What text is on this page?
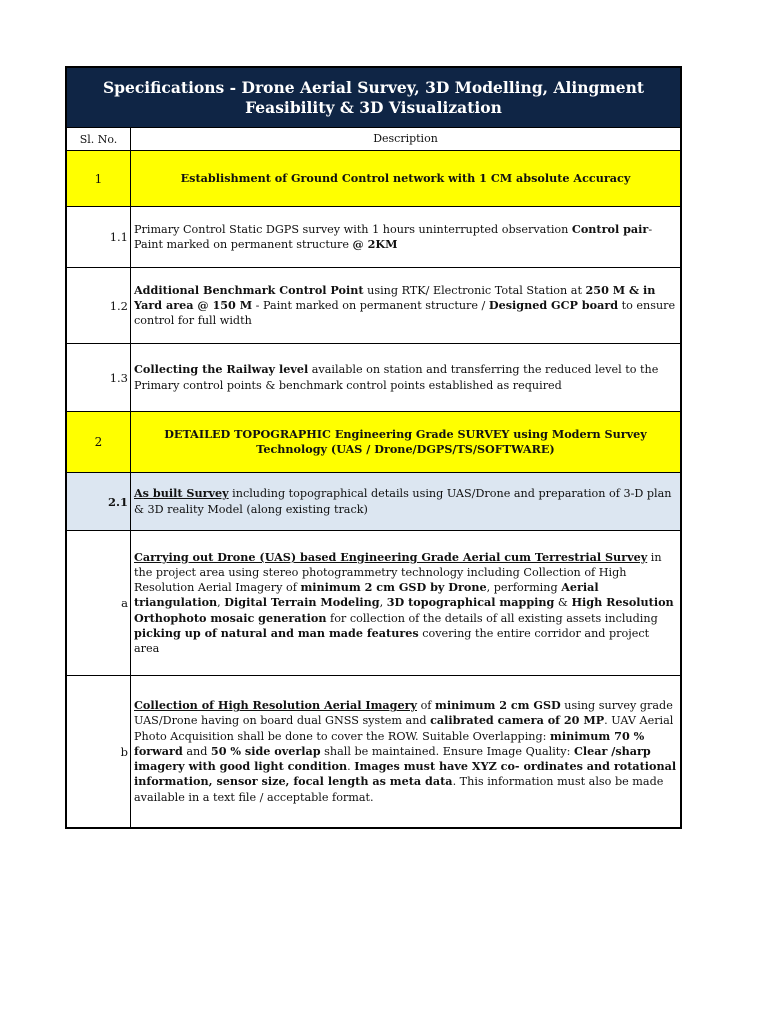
Specifications - Drone Aerial Survey, 3D Modelling, Alingment
Feasibility & 3D Visualization
Sl. No.	Description
1	Establishment of Ground Control network with 1 CM absolute Accuracy
1.1

Primary Control Static DGPS survey with 1 hours uninterrupted observation Control pair- Paint marked on permanent structure @ 2KM

1.2

Additional Benchmark Control Point using RTK/ Electronic Total Station at 250 M & in Yard area @ 150 M - Paint marked on permanent structure / Designed GCP board to ensure control for full width

1.3

Collecting the Railway level available on station and transferring the reduced level to the Primary control points & benchmark control points established as required

2
DETAILED TOPOGRAPHIC Engineering Grade SURVEY using Modern Survey Technology (UAS / Drone/DGPS/TS/SOFTWARE)
2.1

As built Survey including topographical details using UAS/Drone and preparation of 3-D plan & 3D reality Model (along existing track)

a

Carrying out Drone (UAS) based Engineering Grade Aerial cum Terrestrial Survey in the project area using stereo photogrammetry technology including Collection of High Resolution Aerial Imagery of minimum 2 cm GSD by Drone, performing Aerial triangulation, Digital Terrain Modeling, 3D topographical mapping & High Resolution Orthophoto mosaic generation for collection of the details of all existing assets including picking up of natural and man made features covering the entire corridor and project area

b

Collection of High Resolution Aerial Imagery of minimum 2 cm GSD using survey grade UAS/Drone having on board dual GNSS system and calibrated camera of 20 MP. UAV Aerial Photo Acquisition shall be done to cover the ROW. Suitable Overlapping: minimum 70 % forward and 50 % side overlap shall be maintained. Ensure Image Quality: Clear /sharp imagery with good light condition. Images must have XYZ co- ordinates and rotational information, sensor size, focal length as meta data. This information must also be made available in a text file / acceptable format.
